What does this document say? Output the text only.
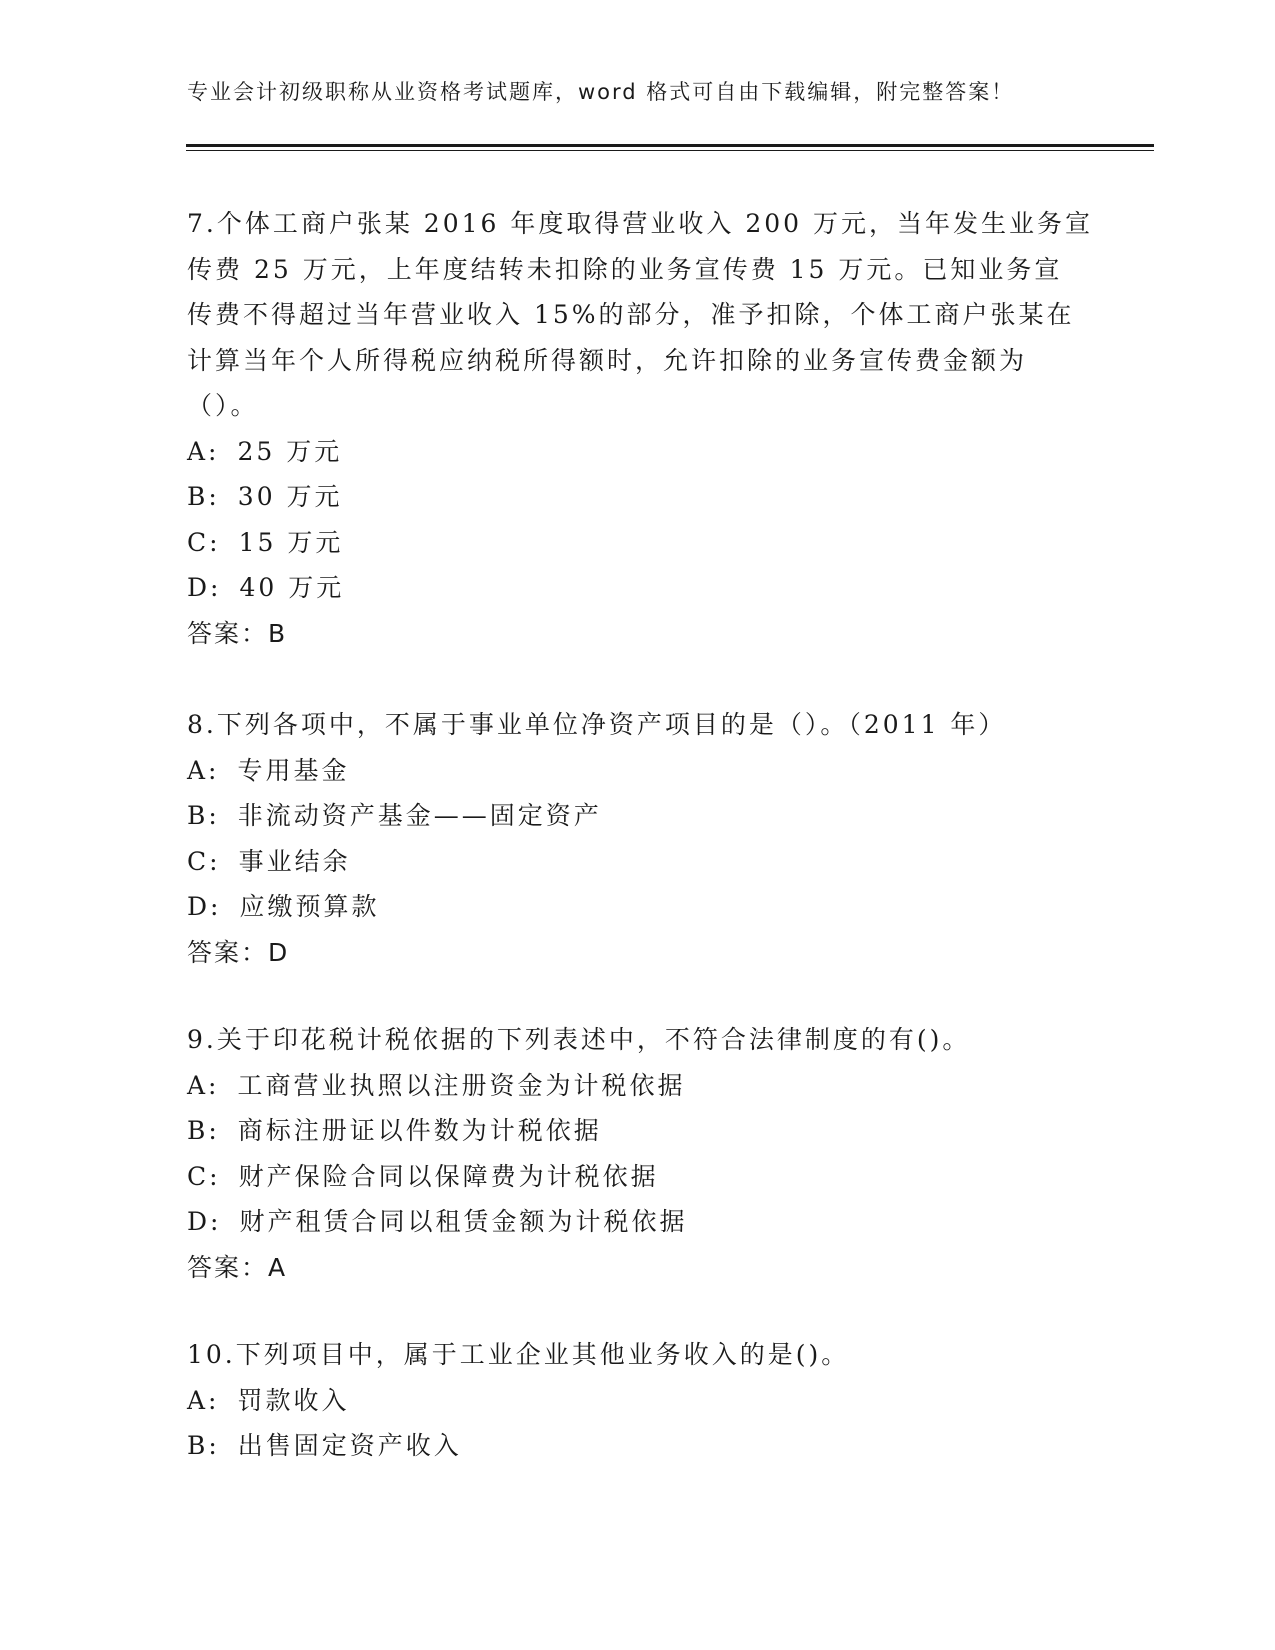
专业会计初级职称从业资格考试题库，word 格式可自由下载编辑，附完整答案！
7.个体工商户张某 2016 年度取得营业收入 200 万元，当年发生业务宣
传费 25 万元，上年度结转未扣除的业务宣传费 15 万元。已知业务宣
传费不得超过当年营业收入 15%的部分，准予扣除，个体工商户张某在
计算当年个人所得税应纳税所得额时，允许扣除的业务宣传费金额为
（）。
A: 25 万元
B: 30 万元
C: 15 万元
D: 40 万元
答案：B
8.下列各项中，不属于事业单位净资产项目的是（）。（2011 年）
A: 专用基金
B: 非流动资产基金——固定资产
C: 事业结余
D: 应缴预算款
答案：D
9.关于印花税计税依据的下列表述中，不符合法律制度的有()。
A: 工商营业执照以注册资金为计税依据
B: 商标注册证以件数为计税依据
C: 财产保险合同以保障费为计税依据
D: 财产租赁合同以租赁金额为计税依据
答案：A
10.下列项目中，属于工业企业其他业务收入的是()。
A: 罚款收入
B: 出售固定资产收入
